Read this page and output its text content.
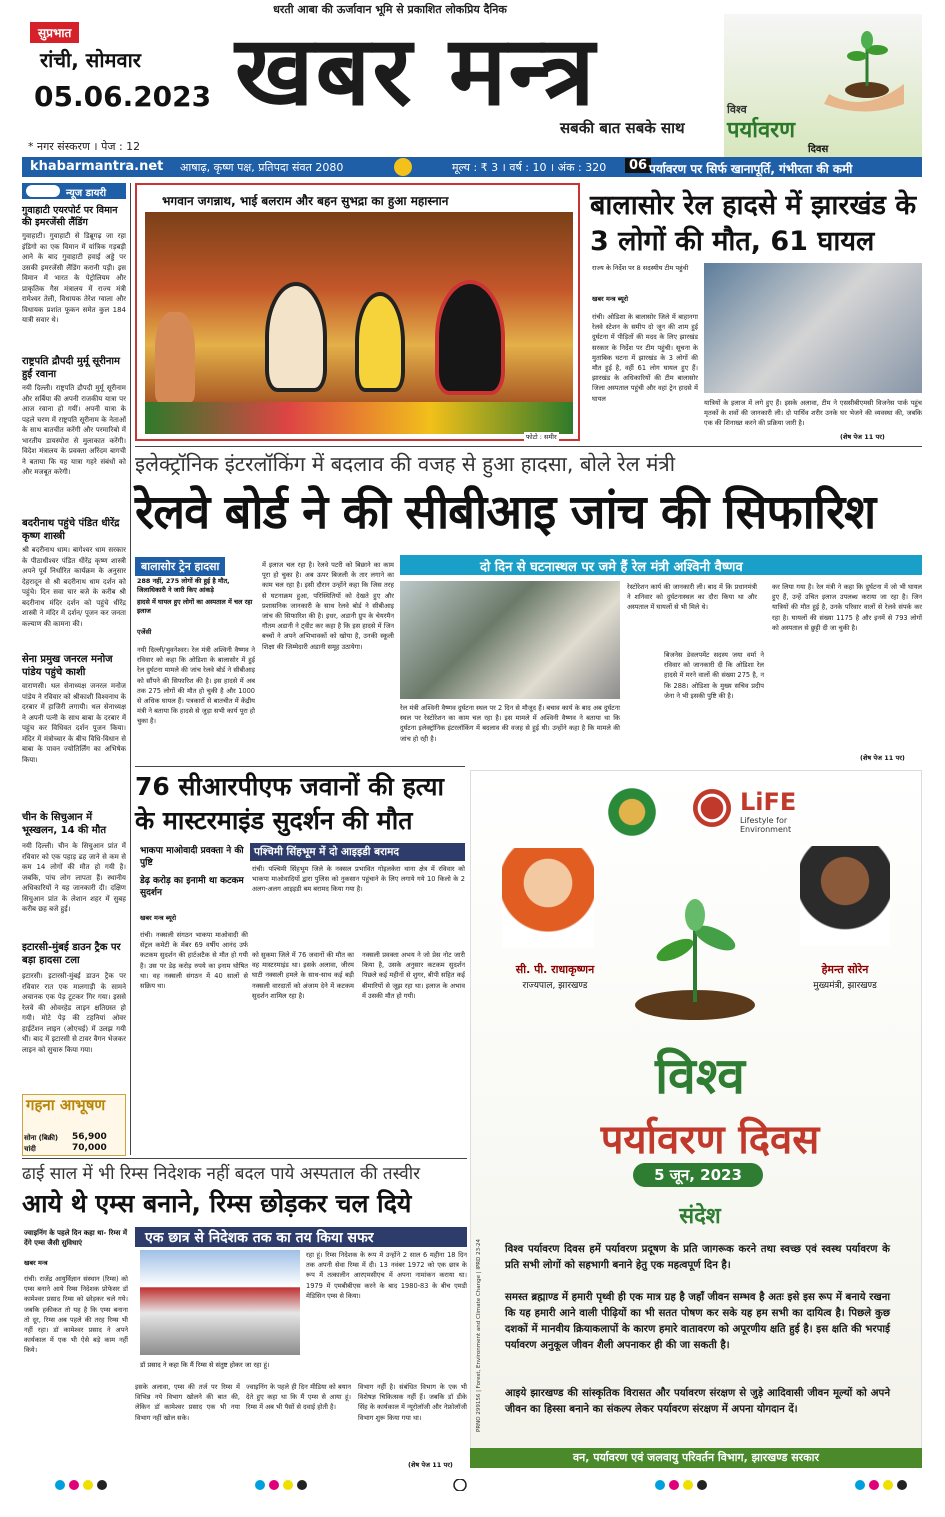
धरती आबा की ऊर्जावान भूमि से प्रकाशित लोकप्रिय दैनिक
खबर मन्त्र
सबकी बात सबके साथ
सुप्रभात
रांची, सोमवार
05.06.2023
* नगर संस्करण । पेज : 12
विश्व
पर्यावरण
दिवस
khabarmantra.net आषाढ़, कृष्ण पक्ष, प्रतिपदा संवत 2080	मूल्य : ₹ 3 । वर्ष : 10 । अंक : 320	06 पर्यावरण पर सिर्फ खानापूर्ति, गंभीरता की कमी
न्यूज डायरी
गुवाहाटी एयरपोर्ट पर विमान की इमरजेंसी लैंडिंग
गुवाहाटी। गुवाहाटी से डिब्रूगढ़ जा रहा इंडिगो का एक विमान में यांत्रिक गड़बड़ी आने के बाद गुवाहाटी हवाई अड्डे पर उसकी इमरजेंसी लैंडिंग करानी पड़ी। इस विमान में भारत के पेट्रोलियम और प्राकृतिक गैस मंत्रालय में राज्य मंत्री रामेश्वर तेली, विधायक तेरेश ग्वाला और विधायक प्रशांत फूकन समेत कुल 184 यात्री सवार थे।
राष्ट्रपति द्रौपदी मुर्मू सूरीनाम हुईं रवाना
नयी दिल्ली। राष्ट्रपति द्रौपदी मुर्मू सूरीनाम और सर्बिया की अपनी राजकीय यात्रा पर आज रवाना हो गयीं। अपनी यात्रा के पहले चरण में राष्ट्रपति सूरीनाम के नेताओं के साथ बातचीत करेंगी और परमारिबो में भारतीय डायस्पोरा से मुलाकात करेंगी। विदेश मंत्रालय के प्रवक्ता अरिंदम बागची ने बताया कि यह यात्रा गहरे संबंधों को और मजबूत करेगी।
बदरीनाथ पहुंचे पंडित धीरेंद्र कृष्ण शास्त्री
श्री बदरीनाथ धाम। बागेश्वर धाम सरकार के पीठाधीश्वर पंडित धीरेंद्र कृष्ण शास्त्री अपने पूर्व निर्धारित कार्यक्रम के अनुसार देहरादून से श्री बदरीनाथ धाम दर्शन को पहुंचे। दिन सवा चार बजे के करीब श्री बदरीनाथ मंदिर दर्शन को पहुंचे धीरेंद्र शास्त्री ने मंदिर में दर्शन/ पूजन कर जनता कल्याण की कामना की।
सेना प्रमुख जनरल मनोज पांडेय पहुंचे काशी
वाराणसी। थल सेनाध्यक्ष जनरल मनोज पांडेय ने रविवार को श्रीकाशी विश्वनाथ के दरबार में हाजिरी लगायी। थल सेनाध्यक्ष ने अपनी पत्नी के साथ बाबा के दरबार में पहुंच कर विधिवत दर्शन पूजन किया। मंदिर में मंत्रोच्चार के बीच विधि-विधान से बाबा के पावन ज्योतिर्लिंग का अभिषेक किया।
चीन के सिचुआन में भूस्खलन, 14 की मौत
नयी दिल्ली। चीन के सिचुआन प्रांत में रविवार को एक पहाड़ ढह जाने से कम से कम 14 लोगों की मौत हो गयी है। जबकि, पांच लोग लापता हैं। स्थानीय अधिकारियों ने यह जानकारी दी। दक्षिण सिचुआन प्रांत के लेशान शहर में सुबह करीब छह बजे हुई।
इटारसी-मुंबई डाउन ट्रैक पर बड़ा हादसा टला
इटारसी। इटारसी-मुंबई डाउन ट्रैक पर रविवार रात एक मालगाड़ी के सामने अचानक एक पेड़ टूटकर गिर गया। इससे रेलवे की ओवरहेड लाइन क्षतिग्रस्त हो गयी। मोटे पेड़ की टहनियां ओवर हाईटेंशन लाइन (ओएचई) में उलझ गयी थीं। बाद में इटारसी से टावर वैगन भेजकर लाइन को सुचारु किया गया।
गहना आभूषण
सोना (बिक्री) 56,900
चांदी	70,000
भगवान जगन्नाथ, भाई बलराम और बहन सुभद्रा का हुआ महास्नान
फोटो : समीर
बालासोर रेल हादसे में झारखंड के 3 लोगों की मौत, 61 घायल
राज्य के निर्देश पर 8 सदस्यीय टीम पहुंची
खबर मन्त्र ब्यूरो
रांची। ओडिशा के बालासोर जिले में बाहानगा रेलवे स्टेशन के समीप दो जून की शाम हुई दुर्घटना में पीड़ितों की मदद के लिए झारखंड सरकार के निर्देश पर टीम पहुंची। सूचना के मुताबिक घटना में झारखंड के 3 लोगों की मौत हुई है, वहीं 61 लोग घायल हुए हैं। झारखंड के अधिकारियों की टीम बालासोर जिला अस्पताल पहुंची और वहां ट्रेन हादसे में घायल
यात्रियों के इलाज में लगे हुए हैं। इसके अलावा, टीम ने एससीबीएमसी विजनेस पार्क पहुंच मृतकों के शवों की जानकारी ली। दो पार्थिव शरीर उनके घर भेजने की व्यवस्था की, जबकि एक की शिनाख्त करने की प्रक्रिया जारी है।
(शेष पेज 11 पर)
इलेक्ट्रॉनिक इंटरलॉकिंग में बदलाव की वजह से हुआ हादसा, बोले रेल मंत्री
रेलवे बोर्ड ने की सीबीआइ जांच की सिफारिश
बालासोर ट्रेन हादसा
288 नहीं, 275 लोगों की हुई है मौत, जिलाधिकारी ने जारी किए आंकड़े
हादसे में घायल हुए लोगों का अस्पताल में चल रहा इलाज
एजेंसी
नयी दिल्ली/भुवनेश्वर। रेल मंत्री अश्विनी वैष्णव ने रविवार को कहा कि ओडिशा के बालासोर में हुई रेल दुर्घटना मामले की जांच रेलवे बोर्ड ने सीबीआइ को सौंपने की सिफारिश की है। इस हादसे में अब तक 275 लोगों की मौत हो चुकी है और 1000 से अधिक घायल हैं। पत्रकारों से बातचीत में केंद्रीय मंत्री ने बताया कि हादसे से जुड़ा सभी कार्य पूरा हो चुका है।
में इलाज चल रहा है। रेलवे पटरी को बिछाने का काम पूरा हो चुका है। अब ऊपर बिजली के तार लगाने का काम चल रहा है। इसी दौरान उन्होंने कहा कि जिस तरह से घटनाक्रम हुआ, परिस्थितियों को देखते हुए और प्रशासनिक जानकारी के साथ रेलवे बोर्ड ने सीबीआइ जांच की सिफारिश की है। इधर, अडानी ग्रुप के चेयरमैन गौतम अडानी ने ट्वीट कर कहा है कि इस हादसे में जिन बच्चों ने अपने अभिभावकों को खोया है, उनकी स्कूली शिक्षा की जिम्मेदारी अडानी समूह उठायेगा।
दो दिन से घटनास्थल पर जमे हैं रेल मंत्री अश्विनी वैष्णव
रेल मंत्री अश्विनी वैष्णव दुर्घटना स्थल पर 2 दिन से मौजूद हैं। बचाव कार्य के बाद अब दुर्घटना स्थल पर रेस्टोरेशन का काम चल रहा है। इस मामले में अश्विनी वैष्णव ने बताया था कि दुर्घटना इलेक्ट्रॉनिक इंटरलॉकिंग में बदलाव की वजह से हुई थी। उन्होंने कहा है कि मामले की जांच हो रही है।
रेस्टोरेशन कार्य की जानकारी ली। बाद में कि प्रधानमंत्री ने शनिवार को दुर्घटनास्थल का दौरा किया था और अस्पताल में घायलों से भी मिले थे।
बिजनेस डेवलपमेंट सदस्य जया वर्मा ने रविवार को जानकारी दी कि ओडिशा रेल हादसे में मरने वालों की संख्या 275 है, न कि 288। ओडिशा के मुख्य सचिव प्रदीप जेना ने भी इसकी पुष्टि की है।
कर लिया गया है। रेल मंत्री ने कहा कि दुर्घटना में जो भी घायल हुए हैं, उन्हें उचित इलाज उपलब्ध कराया जा रहा है। जिन यात्रियों की मौत हुई है, उनके परिवार वालों से रेलवे संपर्क कर रहा है। घायलों की संख्या 1175 है और इनमें से 793 लोगों को अस्पताल से छुट्टी दी जा चुकी है।
(शेष पेज 11 पर)
76 सीआरपीएफ जवानों की हत्या के मास्टरमाइंड सुदर्शन की मौत
भाकपा माओवादी प्रवक्ता ने की पुष्टि
डेढ़ करोड़ का इनामी था कटकम सुदर्शन
खबर मन्त्र ब्यूरो
पश्चिमी सिंहभूम में दो आइइडी बरामद
रांची। पश्चिमी सिंहभूम जिले के नक्सल प्रभावित गोइलकेरा थाना क्षेत्र में रविवार को भाकपा माओवादियों द्वारा पुलिस को नुकसान पहुंचाने के लिए लगाये गये 10 किलो के 2 अलग-अलग आइइडी बम बरामद किया गया है।
रांची। नक्सली संगठन भाकपा माओवादी की सेंट्रल कमेटी के मेंबर 69 वर्षीय आनंद उर्फ कटकम सुदर्शन की हार्टअटैक से मौत हो गयी है। उस पर डेढ़ करोड़ रुपये का इनाम घोषित था। वह नक्सली संगठन में 40 सालों से सक्रिय था।
को सुकमा जिले में 76 जवानों की मौत का वह मास्टरमाइंड था। इसके अलावा, जीरम घाटी नक्सली हमले के साथ-साथ कई बड़ी नक्सली वारदातों को अंजाम देने में कटकम सुदर्शन शामिल रहा है।
नक्सली प्रवक्ता अभय ने जो प्रेस नोट जारी किया है, उसके अनुसार कटकम सुदर्शन पिछले कई महीनों से शुगर, बीपी सहित कई बीमारियों से जूझ रहा था। इलाज के अभाव में उसकी मौत हो गयी।
LiFE
Lifestyle for Environment
सी. पी. राधाकृष्णन
राज्यपाल, झारखण्ड
हेमन्त सोरेन
मुख्यमंत्री, झारखण्ड
विश्व
पर्यावरण दिवस
5 जून, 2023
संदेश
विश्व पर्यावरण दिवस हमें पर्यावरण प्रदूषण के प्रति जागरूक करने तथा स्वच्छ एवं स्वस्थ पर्यावरण के प्रति सभी लोगों को सहभागी बनाने हेतु एक महत्वपूर्ण दिन है।
समस्त ब्रह्माण्ड में हमारी पृथ्वी ही एक मात्र ग्रह है जहाँ जीवन सम्भव है अतः इसे इस रूप में बनाये रखना कि यह हमारी आने वाली पीढ़ियों का भी सतत पोषण कर सके यह हम सभी का दायित्व है। पिछले कुछ दशकों में मानवीय क्रियाकलापों के कारण हमारे वातावरण को अपूरणीय क्षति हुई है। इस क्षति की भरपाई पर्यावरण अनुकूल जीवन शैली अपनाकर ही की जा सकती है।
आइये झारखण्ड की सांस्कृतिक विरासत और पर्यावरण संरक्षण से जुड़े आदिवासी जीवन मूल्यों को अपने जीवन का हिस्सा बनाने का संकल्प लेकर पर्यावरण संरक्षण में अपना योगदान दें।
PRNO 299156 | Forest, Environment and Climate Change | IPRD 23-24
वन, पर्यावरण एवं जलवायु परिवर्तन विभाग, झारखण्ड सरकार
ढाई साल में भी रिम्स निदेशक नहीं बदल पाये अस्पताल की तस्वीर
आये थे एम्स बनाने, रिम्स छोड़कर चल दिये
ज्वाइनिंग के पहले दिन कहा था- रिम्स में देंगे एम्स जैसी सुविधाएं
खबर मन्त्र
रांची। राजेंद्र आयुर्विज्ञान संस्थान (रिम्स) को एम्स बनाने आये रिम्स निदेशक प्रोफेसर डॉ कामेश्वर प्रसाद रिम्स को छोड़कर चले गये। जबकि हकीकत तो यह है कि एम्स बनाना तो दूर, रिम्स अब पहले की तरह रिम्स भी नहीं रहा। डॉ कामेश्वर प्रसाद ने अपने कार्यकाल में एक भी ऐसे बड़े काम नहीं किये।
एक छात्र से निदेशक तक का तय किया सफर
डॉ प्रसाद ने कहा कि मैं रिम्स से संतुष्ट होकर जा रहा हूं।
रहा हूं। रिम्स निदेशक के रूप में उन्होंने 2 साल 6 महीना 18 दिन तक अपनी सेवा रिम्स में दी। 13 नवंबर 1972 को एक छात्र के रूप में तत्कालीन आरएमसीएच में अपना नामांकन कराया था। 1979 में एमबीबीएस करने के बाद 1980-83 के बीच एमडी मेडिसिन एम्स से किया।
इसके अलावा, एम्स की तर्ज पर रिम्स में विभिन्न नये विभाग खोलने की बात की, लेकिन डॉ कामेश्वर प्रसाद एक भी नया विभाग नहीं खोल सके।
ज्वाइनिंग के पहले ही दिन मीडिया को बयान देते हुए कहा था कि मैं एम्स से आया हूं। रिम्स में अब भी पैसों से दवाई होती है।
विभाग नहीं है। संबंधित विभाग के एक भी विशेषज्ञ चिकित्सक नहीं हैं। जबकि डॉ डीके सिंह के कार्यकाल में न्यूरोलॉजी और नेफ्रोलॉजी विभाग शुरू किया गया था।
(शेष पेज 11 पर)
